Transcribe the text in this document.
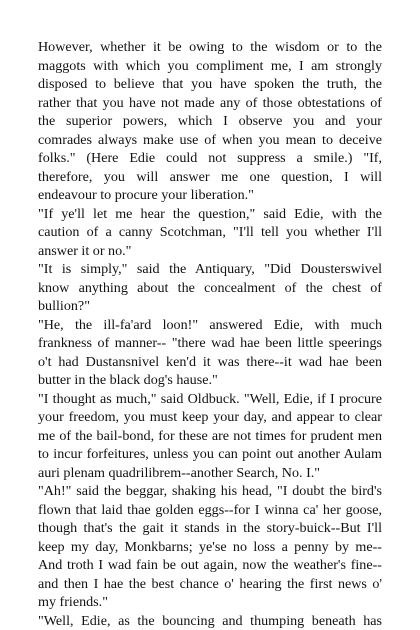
However, whether it be owing to the wisdom or to the
maggots with which you compliment me, I am strongly
disposed to believe that you have spoken the truth, the
rather that you have not made any of those obtestations of
the superior powers, which I observe you and your
comrades always make use of when you mean to deceive
folks." (Here Edie could not suppress a smile.) "If,
therefore, you will answer me one question, I will
endeavour to procure your liberation."

"If ye'll let me hear the question," said Edie, with the
caution of a canny Scotchman, "I'll tell you whether I'll
answer it or no."

"It is simply," said the Antiquary, "Did Dousterswivel
know anything about the concealment of the chest of
bullion?"

"He, the ill-fa'ard loon!" answered Edie, with much
frankness of manner-- "there wad hae been little speerings
o't had Dustansnivel ken'd it was there--it wad hae been
butter in the black dog's hause."

"I thought as much," said Oldbuck. "Well, Edie, if I procure
your freedom, you must keep your day, and appear to clear
me of the bail-bond, for these are not times for prudent men
to incur forfeitures, unless you can point out another Aulam
auri plenam quadrilibrem--another Search, No. I."

"Ah!" said the beggar, shaking his head, "I doubt the bird's
flown that laid thae golden eggs--for I winna ca' her goose,
though that's the gait it stands in the story-buick--But I'll
keep my day, Monkbarns; ye'se no loss a penny by me--
And troth I wad fain be out again, now the weather's fine--
and then I hae the best chance o' hearing the first news o'
my friends."

"Well, Edie, as the bouncing and thumping beneath has
